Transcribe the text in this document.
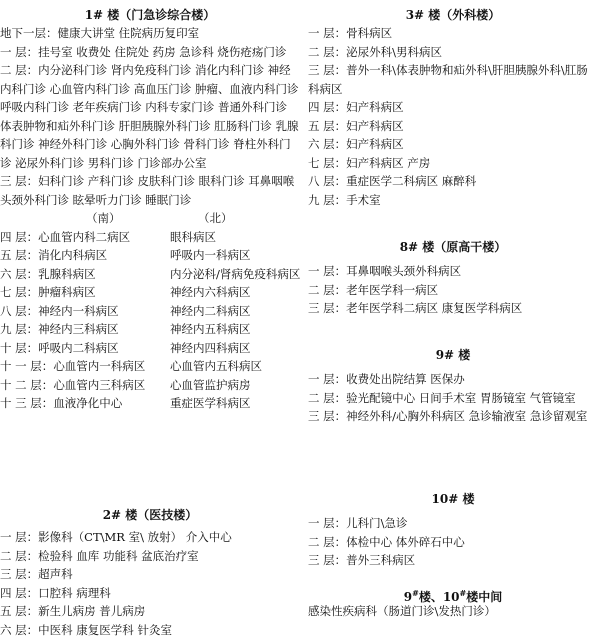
1# 楼（门急诊综合楼）
地下一层：健康大讲堂 住院病历复印室
一 层：挂号室 收费处 住院处 药房 急诊科 烧伤疮疡门诊
二 层：内分泌科门诊 肾内免疫科门诊 消化内科门诊 神经内科门诊 心血管内科门诊 高血压门诊 肿瘤、血液内科门诊 呼吸内科门诊 老年疾病门诊 内科专家门诊 普通外科门诊 体表肿物和疝外科门诊 肝胆胰腺外科门诊 肛肠科门诊 乳腺科门诊 神经外科门诊 心胸外科门诊 骨科门诊 脊柱外科门诊 泌尿外科门诊 男科门诊 门诊部办公室
三 层：妇科门诊 产科门诊 皮肤科门诊 眼科门诊 耳鼻咽喉头颈外科门诊 眩晕听力门诊 睡眠门诊
（南）	（北）
四 层：心血管内科二病区	眼科病区
五 层：消化内科病区	呼吸内一科病区
六 层：乳腺科病区	内分泌科/肾病免疫科病区
七 层：肿瘤科病区	神经内六科病区
八 层：神经内一科病区	神经内二科病区
九 层：神经内三科病区	神经内五科病区
十 层：呼吸内二科病区	神经内四科病区
十 一 层：心血管内一科病区 心血管内五科病区
十 二 层：心血管内三科病区 心血管监护病房
十 三 层：血液净化中心	重症医学科病区
2# 楼（医技楼）
一 层：影像科（CT\MR 室\ 放射） 介入中心
二 层：检验科 血库 功能科 盆底治疗室
三 层：超声科
四 层：口腔科 病理科
五 层：新生儿病房 普儿病房
六 层：中医科 康复医学科 针灸室
3# 楼（外科楼）
一 层：骨科病区
二 层：泌尿外科\男科病区
三 层：普外一科\体表肿物和疝外科\肝胆胰腺外科\肛肠科病区
四 层：妇产科病区
五 层：妇产科病区
六 层：妇产科病区
七 层：妇产科病区 产房
八 层：重症医学二科病区 麻醉科
九 层：手术室
8# 楼（原高干楼）
一 层：耳鼻咽喉头颈外科病区
二 层：老年医学科一病区
三 层：老年医学科二病区 康复医学科病区
9# 楼
一 层：收费处出院结算 医保办
二 层：验光配镜中心 日间手术室 胃肠镜室 气管镜室
三 层：神经外科/心胸外科病区 急诊输液室 急诊留观室
10# 楼
一 层：儿科门\急诊
二 层：体检中心 体外碎石中心
三 层：普外三科病区
9#楼、10#楼中间
感染性疾病科（肠道门诊\发热门诊）
